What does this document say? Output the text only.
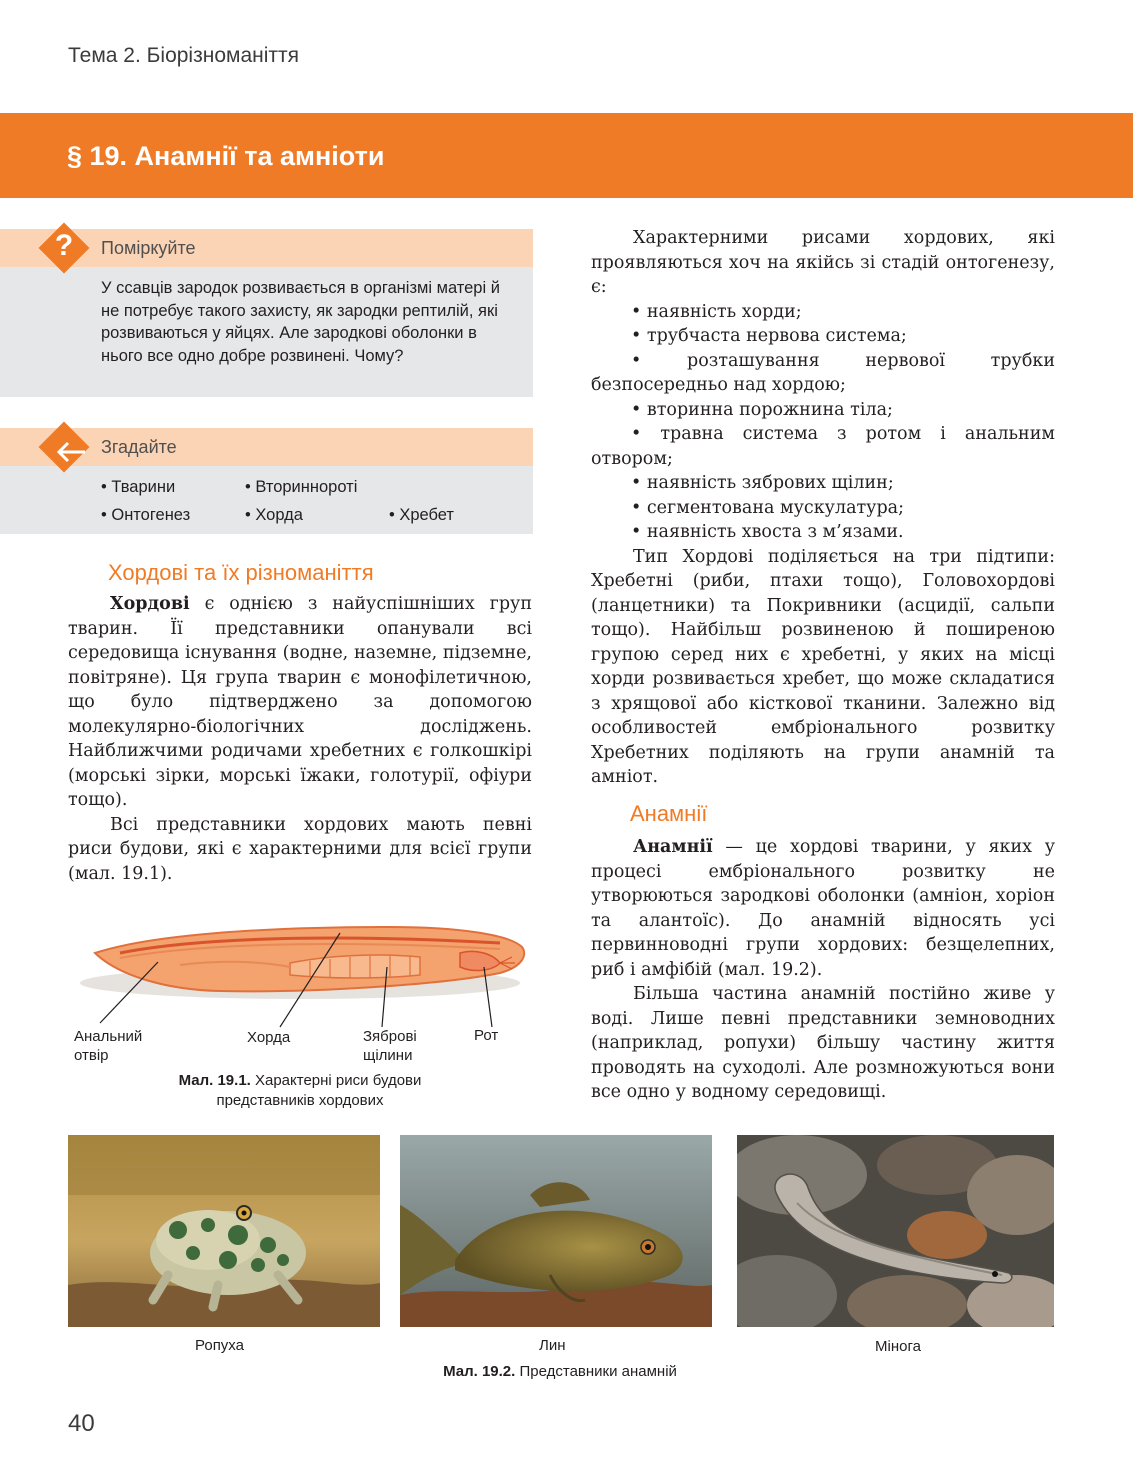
Тема 2. Біорізноманіття
§ 19. Анамнії та амніоти
?	Поміркуйте
У ссавців зародок розвивається в організмі матері й не потребує такого захисту, як зародки рептилій, які розвиваються у яйцях. Але зародкові оболонки в нього все одно добре розвинені. Чому?
Згадайте
• Тварини	• Вториннороті
• Онтогенез	• Хорда	• Хребет
Хордові та їх різноманіття

Хордові є однією з найуспішніших груп тварин. Її представники опанували всі середовища існування (водне, наземне, підземне, повітряне). Ця група тварин є монофілетичною, що було підтверджено за допомогою молекулярно-біологічних досліджень. Найближчими родичами хребетних є голкошкірі (морські зірки, морські їжаки, голотурії, офіури тощо).

Всі представники хордових мають певні риси будови, які є характерними для всієї групи (мал. 19.1).

Анальний
отвір
Хорда	Зяброві
щілини
Рот
Мал. 19.1. Характерні риси будови
представників хордових

Характерними рисами хордових, які проявляються хоч на якійсь зі стадій онтогенезу, є:

• наявність хорди;
• трубчаста нервова система;
• розташування нервової трубки безпосередньо над хордою;
• вторинна порожнина тіла;
• травна система з ротом і анальним отвором;
• наявність зябрових щілин;
• сегментована мускулатура;
• наявність хвоста з м’язами.

Тип Хордові поділяється на три підтипи: Хребетні (риби, птахи тощо), Головохордові (ланцетники) та Покривники (асцидії, сальпи тощо). Найбільш розвиненою й поширеною групою серед них є хребетні, у яких на місці хорди розвивається хребет, що може складатися з хрящової або кісткової тканини. Залежно від особливостей ембріонального розвитку Хребетних поділяють на групи анамній та амніот.

Анамнії

Анамнії — це хордові тварини, у яких у процесі ембріонального розвитку не утворюються зародкові оболонки (амніон, хоріон та алантоїс). До анамній відносять усі первинноводні групи хордових: безщелепних, риб і амфібій (мал. 19.2).

Більша частина анамній постійно живе у воді. Лише певні представники земноводних (наприклад, ропухи) більшу частину життя проводять на суходолі. Але розмножуються вони все одно у водному середовищі.

Ропуха	Лин	Мінога
Мал. 19.2. Представники анамній
40
